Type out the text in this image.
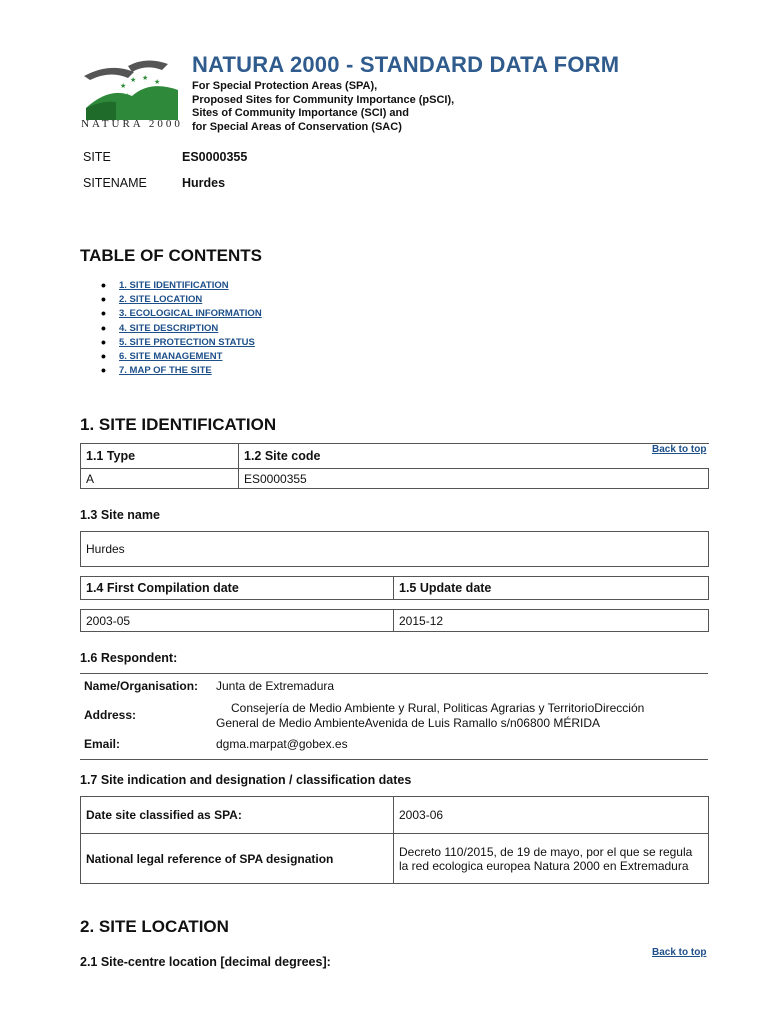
★
★ ★ ★
★
★
NATURA 2000
NATURA 2000 - STANDARD DATA FORM
For Special Protection Areas (SPA),
Proposed Sites for Community Importance (pSCI),
Sites of Community Importance (SCI) and
for Special Areas of Conservation (SAC)
SITE	ES0000355
SITENAME	Hurdes
TABLE OF CONTENTS
• 1. SITE IDENTIFICATION
• 2. SITE LOCATION
• 3. ECOLOGICAL INFORMATION
• 4. SITE DESCRIPTION
• 5. SITE PROTECTION STATUS
• 6. SITE MANAGEMENT
• 7. MAP OF THE SITE
1. SITE IDENTIFICATION
Back to top
1.1 Type	1.2 Site code
A	ES0000355
1.3 Site name
Hurdes
1.4 First Compilation date	1.5 Update date
2003-05	2015-12
1.6 Respondent:
Name/Organisation: Junta de Extremadura
Address:	Consejería de Medio Ambiente y Rural, Politicas Agrarias y TerritorioDirección
General de Medio AmbienteAvenida de Luis Ramallo s/n06800 MÉRIDA
Email:	dgma.marpat@gobex.es
1.7 Site indication and designation / classification dates
Date site classified as SPA:	2003-06
National legal reference of SPA designation	Decreto 110/2015, de 19 de mayo, por el que se regula la red ecologica europea Natura 2000 en Extremadura
2. SITE LOCATION
Back to top
2.1 Site-centre location [decimal degrees]:
